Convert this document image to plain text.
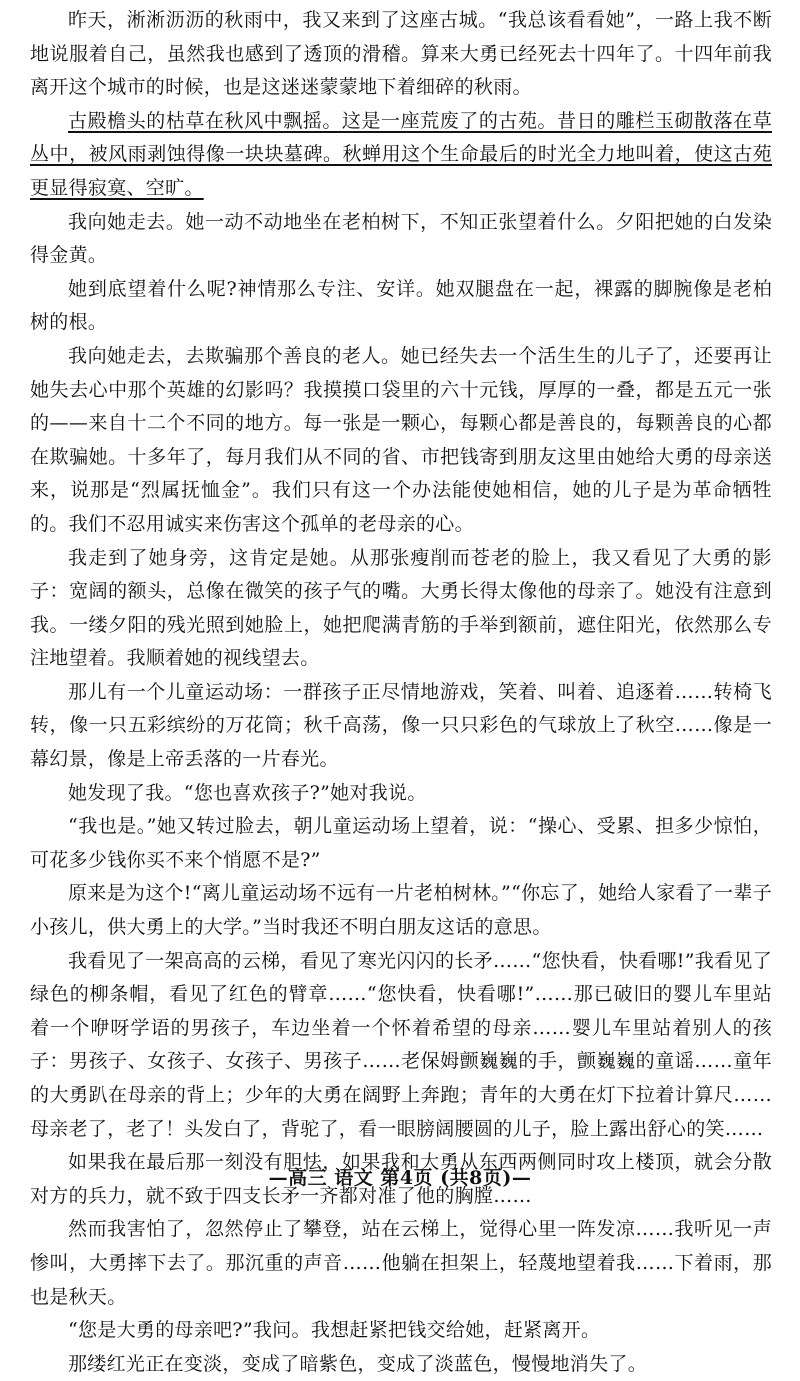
昨天，淅淅沥沥的秋雨中，我又来到了这座古城。“我总该看看她”，一路上我不断地说服着自己，虽然我也感到了透顶的滑稽。算来大勇已经死去十四年了。十四年前我离开这个城市的时候，也是这迷迷蒙蒙地下着细碎的秋雨。

古殿檐头的枯草在秋风中飘摇。这是一座荒废了的古苑。昔日的雕栏玉砌散落在草丛中，被风雨剥蚀得像一块块墓碑。秋蝉用这个生命最后的时光全力地叫着，使这古苑更显得寂寞、空旷。

我向她走去。她一动不动地坐在老柏树下，不知正张望着什么。夕阳把她的白发染得金黄。

她到底望着什么呢?神情那么专注、安详。她双腿盘在一起，裸露的脚腕像是老柏树的根。

我向她走去，去欺骗那个善良的老人。她已经失去一个活生生的儿子了，还要再让她失去心中那个英雄的幻影吗？我摸摸口袋里的六十元钱，厚厚的一叠，都是五元一张的——来自十二个不同的地方。每一张是一颗心，每颗心都是善良的，每颗善良的心都在欺骗她。十多年了，每月我们从不同的省、市把钱寄到朋友这里由她给大勇的母亲送来，说那是“烈属抚恤金”。我们只有这一个办法能使她相信，她的儿子是为革命牺牲的。我们不忍用诚实来伤害这个孤单的老母亲的心。

我走到了她身旁，这肯定是她。从那张瘦削而苍老的脸上，我又看见了大勇的影子：宽阔的额头，总像在微笑的孩子气的嘴。大勇长得太像他的母亲了。她没有注意到我。一缕夕阳的残光照到她脸上，她把爬满青筋的手举到额前，遮住阳光，依然那么专注地望着。我顺着她的视线望去。

那儿有一个儿童运动场：一群孩子正尽情地游戏，笑着、叫着、追逐着……转椅飞转，像一只五彩缤纷的万花筒；秋千高荡，像一只只彩色的气球放上了秋空……像是一幕幻景，像是上帝丢落的一片春光。

她发现了我。“您也喜欢孩子?”她对我说。

“我也是。”她又转过脸去，朝儿童运动场上望着，说：“操心、受累、担多少惊怕，可花多少钱你买不来个悄愿不是?”

原来是为这个!“离儿童运动场不远有一片老柏树林。”“你忘了，她给人家看了一辈子小孩儿，供大勇上的大学。”当时我还不明白朋友这话的意思。

我看见了一架高高的云梯，看见了寒光闪闪的长矛……“您快看，快看哪!”我看见了绿色的柳条帽，看见了红色的臂章……“您快看，快看哪!”……那已破旧的婴儿车里站着一个咿呀学语的男孩子，车边坐着一个怀着希望的母亲……婴儿车里站着别人的孩子：男孩子、女孩子、女孩子、男孩子……老保姆颤巍巍的手，颤巍巍的童谣……童年的大勇趴在母亲的背上；少年的大勇在阔野上奔跑；青年的大勇在灯下拉着计算尺……母亲老了，老了！头发白了，背驼了，看一眼膀阔腰圆的儿子，脸上露出舒心的笑……

如果我在最后那一刻没有胆怯，如果我和大勇从东西两侧同时攻上楼顶，就会分散对方的兵力，就不致于四支长矛一齐都对准了他的胸膛……

然而我害怕了，忽然停止了攀登，站在云梯上，觉得心里一阵发凉……我听见一声惨叫，大勇摔下去了。那沉重的声音……他躺在担架上，轻蔑地望着我……下着雨，那也是秋天。

“您是大勇的母亲吧?”我问。我想赶紧把钱交给她，赶紧离开。

那缕红光正在变淡，变成了暗紫色，变成了淡蓝色，慢慢地消失了。

—高三 语文 第4页 (共8页)—
